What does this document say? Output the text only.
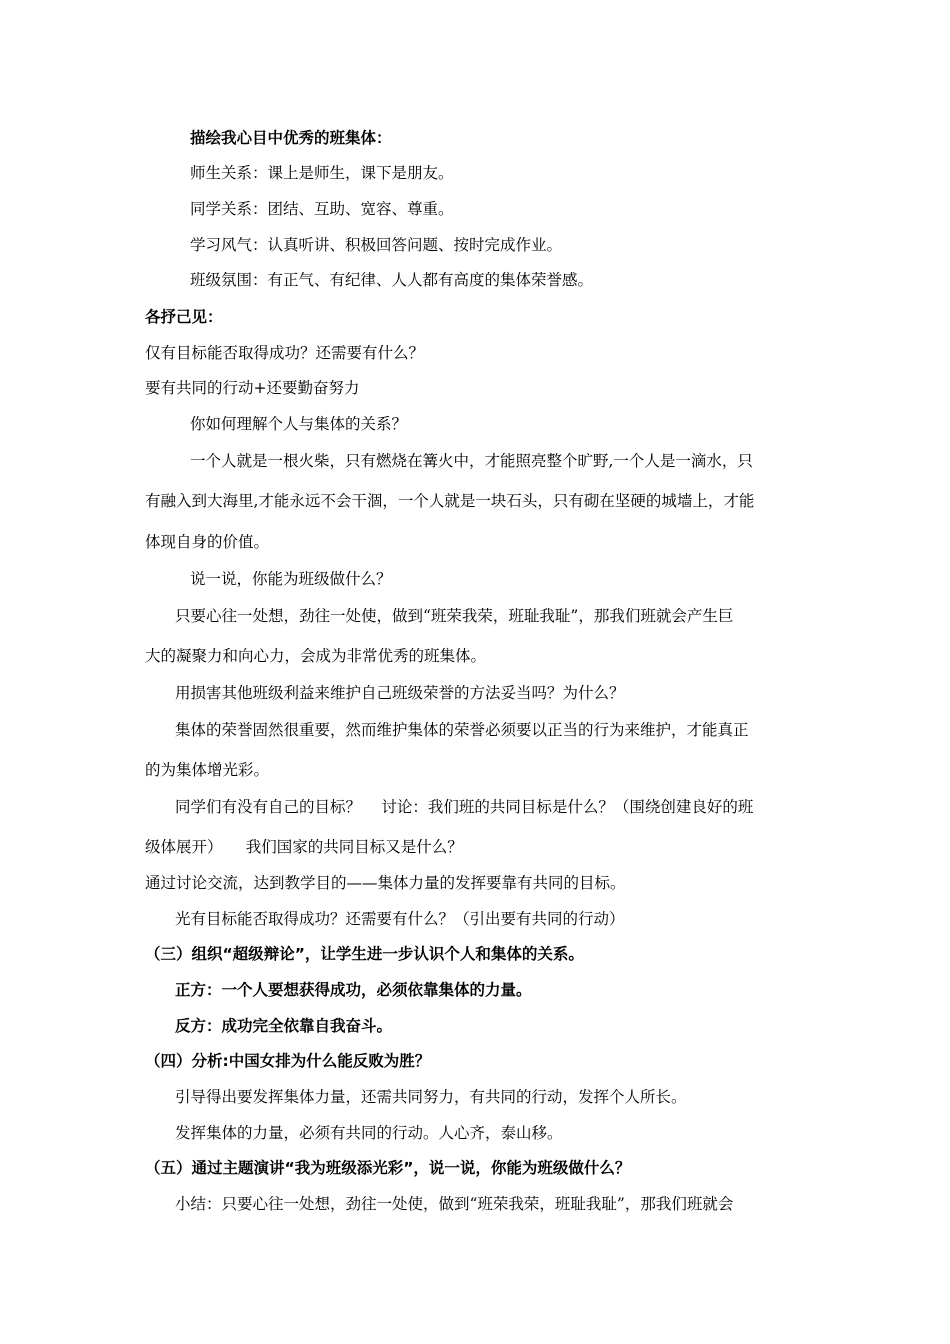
描绘我心目中优秀的班集体：

师生关系：课上是师生，课下是朋友。

同学关系：团结、互助、宽容、尊重。

学习风气：认真听讲、积极回答问题、按时完成作业。

班级氛围：有正气、有纪律、人人都有高度的集体荣誉感。

各抒己见：

仅有目标能否取得成功？还需要有什么？

要有共同的行动+还要勤奋努力

你如何理解个人与集体的关系？

一个人就是一根火柴，只有燃烧在篝火中，才能照亮整个旷野,一个人是一滴水，只

有融入到大海里,才能永远不会干涸，一个人就是一块石头，只有砌在坚硬的城墙上，才能

体现自身的价值。

说一说，你能为班级做什么？

只要心往一处想，劲往一处使，做到“班荣我荣，班耻我耻”，那我们班就会产生巨

大的凝聚力和向心力，会成为非常优秀的班集体。

用损害其他班级利益来维护自己班级荣誉的方法妥当吗？为什么？

集体的荣誉固然很重要，然而维护集体的荣誉必须要以正当的行为来维护，才能真正

的为集体增光彩。

同学们有没有自己的目标？　 讨论：我们班的共同目标是什么？（围绕创建良好的班

级体展开）　　我们国家的共同目标又是什么？

通过讨论交流，达到教学目的——集体力量的发挥要靠有共同的目标。

光有目标能否取得成功？还需要有什么？（引出要有共同的行动）

（三）组织“超级辩论”，让学生进一步认识个人和集体的关系。

正方：一个人要想获得成功，必须依靠集体的力量。

反方：成功完全依靠自我奋斗。

（四）分析:中国女排为什么能反败为胜？

引导得出要发挥集体力量，还需共同努力，有共同的行动，发挥个人所长。

发挥集体的力量，必须有共同的行动。人心齐，泰山移。

（五）通过主题演讲“我为班级添光彩”，说一说，你能为班级做什么？

小结：只要心往一处想，劲往一处使，做到“班荣我荣，班耻我耻”，那我们班就会
